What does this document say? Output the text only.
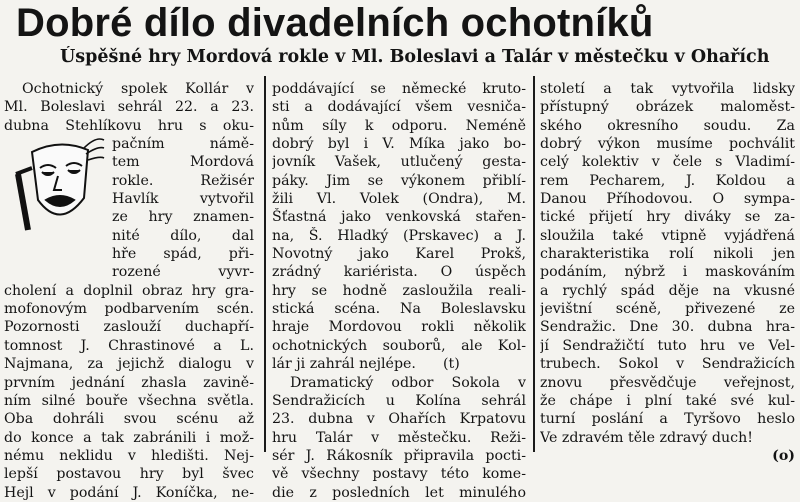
Dobré dílo divadelních ochotníků
Úspěšné hry Mordová rokle v Ml. Boleslavi a Talár v městečku v Ohařích
Ochotnický spolek Kollár v
Ml. Boleslavi sehrál 22. a 23.
dubna Stehlíkovu hru s oku-
pačním námě-
tem Mordová
rokle. Režisér
Havlík vytvořil
ze hry znamen-
nité dílo, dal
hře spád, při-
rozené vyvr-
cholení a doplnil obraz hry gra-
mofonovým podbarvením scén.
Pozornosti zaslouží duchapří-
tomnost J. Chrastinové a L.
Najmana, za jejichž dialogu v
prvním jednání zhasla zavině-
ním silné bouře všechna světla.
Oba dohráli svou scénu až
do konce a tak zabránili i mož-
nému neklidu v hledišti. Nej-
lepší postavou hry byl švec
Hejl v podání J. Koníčka, ne-
poddávající se německé kruto-
sti a dodávající všem vesniča-
nům síly k odporu. Neméně
dobrý byl i V. Míka jako bo-
jovník Vašek, utlučený gesta-
páky. Jim se výkonem přiblí-
žili Vl. Volek (Ondra), M.
Šťastná jako venkovská stařen-
na, Š. Hladký (Prskavec) a J.
Novotný jako Karel Prokš,
zrádný kariérista. O úspěch
hry se hodně zasloužila reali-
stická scéna. Na Boleslavsku
hraje Mordovou rokli několik
ochotnických souborů, ale Kol-
lár ji zahrál nejlépe.      (t)
Dramatický odbor Sokola v
Sendražicích u Kolína sehrál
23. dubna v Ohařích Krpatovu
hru Talár v městečku. Reži-
sér J. Rákosník připravila pocti-
vě všechny postavy této kome-
die z posledních let minulého
století a tak vytvořila lidsky
přístupný obrázek maloměst-
ského okresního soudu. Za
dobrý výkon musíme pochválit
celý kolektiv v čele s Vladimí-
rem Pecharem, J. Koldou a
Danou Příhodovou. O sympa-
tické přijetí hry diváky se za-
sloužila také vtipně vyjádřená
charakteristika rolí nikoli jen
podáním, nýbrž i maskováním
a rychlý spád děje na vkusné
jevištní scéně, přivezené ze
Sendražic. Dne 30. dubna hra-
jí Sendražičtí tuto hru ve Vel-
trubech. Sokol v Sendražicích
znovu přesvědčuje veřejnost,
že chápe i plní také své kul-
turní poslání a Tyršovo heslo
Ve zdravém těle zdravý duch!
(o)
